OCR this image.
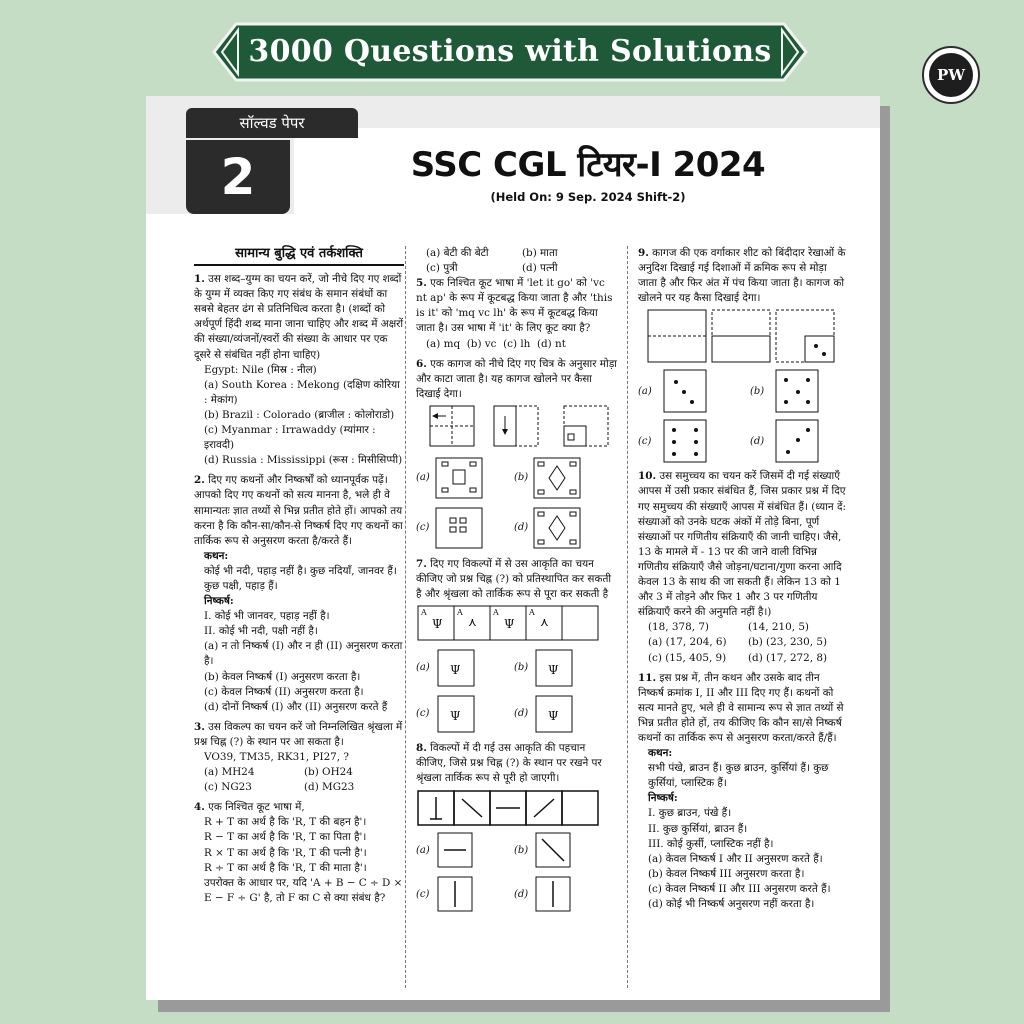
3000 Questions with Solutions
PW
सॉल्वड पेपर
2	SSC CGL टियर-I 2024
(Held On: 9 Sep. 2024 Shift-2)
सामान्य बुद्धि एवं तर्कशक्ति
1. उस शब्द–युग्म का चयन करें, जो नीचे दिए गए शब्दों के युग्म में व्यक्त किए गए संबंध के समान संबंधों का सबसे बेहतर ढंग से प्रतिनिधित्व करता है। (शब्दों को अर्थपूर्ण हिंदी शब्द माना जाना चाहिए और शब्द में अक्षरों की संख्या/व्यंजनों/स्वरों की संख्या के आधार पर एक दूसरे से संबंधित नहीं होना चाहिए)
Egypt: Nile (मिस्र : नील)
(a) South Korea : Mekong (दक्षिण कोरिया : मेकांग)
(b) Brazil : Colorado (ब्राजील : कोलोराडो)
(c) Myanmar : Irrawaddy (म्यांमार : इरावदी)
(d) Russia : Mississippi (रूस : मिसीसिप्पी)
2. दिए गए कथनों और निष्कर्षों को ध्यानपूर्वक पढ़ें। आपको दिए गए कथनों को सत्य मानना है, भले ही वे सामान्यतः ज्ञात तथ्यों से भिन्न प्रतीत होते हों। आपको तय करना है कि कौन-सा/कौन-से निष्कर्ष दिए गए कथनों का तार्किक रूप से अनुसरण करता है/करते हैं।
कथन:
कोई भी नदी, पहाड़ नहीं है। कुछ नदियाँ, जानवर हैं। कुछ पक्षी, पहाड़ हैं।
निष्कर्ष:
I. कोई भी जानवर, पहाड़ नहीं है।
II. कोई भी नदी, पक्षी नहीं है।
(a) न तो निष्कर्ष (I) और न ही (II) अनुसरण करता है।
(b) केवल निष्कर्ष (I) अनुसरण करता है।
(c) केवल निष्कर्ष (II) अनुसरण करता है।
(d) दोनों निष्कर्ष (I) और (II) अनुसरण करते हैं
3. उस विकल्प का चयन करें जो निम्नलिखित श्रृंखला में प्रश्न चिह्न (?) के स्थान पर आ सकता है।
VO39, TM35, RK31, PI27, ?
(a) MH24	(b) OH24
(c) NG23	(d) MG23
4. एक निश्चित कूट भाषा में,
R + T का अर्थ है कि 'R, T की बहन है'।
R − T का अर्थ है कि 'R, T का पिता है'।
R × T का अर्थ है कि 'R, T की पत्नी है'।
R ÷ T का अर्थ है कि 'R, T की माता है'।
उपरोक्त के आधार पर, यदि 'A + B − C ÷ D × E − F ÷ G' है, तो F का C से क्या संबंध है?
(a) बेटी की बेटी	(b) माता
(c) पुत्री	(d) पत्नी
5. एक निश्चित कूट भाषा में 'let it go' को 'vc nt ap' के रूप में कूटबद्ध किया जाता है और 'this is it' को 'mq vc lh' के रूप में कूटबद्ध किया जाता है। उस भाषा में 'it' के लिए कूट क्या है?
(a) mq (b) vc (c) lh (d) nt
6. एक कागज को नीचे दिए गए चित्र के अनुसार मोड़ा और काटा जाता है। यह कागज खोलने पर कैसा दिखाई देगा।
(a)	(b)
(c)	(d)
7. दिए गए विकल्पों में से उस आकृति का चयन कीजिए जो प्रश्न चिह्न (?) को प्रतिस्थापित कर सकती है और श्रृंखला को तार्किक रूप से पूरा कर सकती है
Ψ ⋏ Ψ ⋏
A	A	A	A
(a) Ψ	(b) Ψ
(c) Ψ	(d) Ψ
8. विकल्पों में दी गई उस आकृति की पहचान कीजिए, जिसे प्रश्न चिह्न (?) के स्थान पर रखने पर श्रृंखला तार्किक रूप से पूरी हो जाएगी।
(a)	(b)
(c)	(d)
9. कागज की एक वर्गाकार शीट को बिंदीदार रेखाओं के अनुदिश दिखाई गई दिशाओं में क्रमिक रूप से मोड़ा जाता है और फिर अंत में पंच किया जाता है। कागज को खोलने पर यह कैसा दिखाई देगा।
(a)	(b)
(c)	(d)
10. उस समुच्चय का चयन करें जिसमें दी गई संख्याएँ आपस में उसी प्रकार संबंधित हैं, जिस प्रकार प्रश्न में दिए गए समुच्चय की संख्याएँ आपस में संबंधित हैं। (ध्यान दें: संख्याओं को उनके घटक अंकों में तोड़े बिना, पूर्ण संख्याओं पर गणितीय संक्रियाएँ की जानी चाहिए। जैसे, 13 के मामले में - 13 पर की जाने वाली विभिन्न गणितीय संक्रियाएँ जैसे जोड़ना/घटाना/गुणा करना आदि केवल 13 के साथ की जा सकती हैं। लेकिन 13 को 1 और 3 में तोड़ने और फिर 1 और 3 पर गणितीय संक्रियाएँ करने की अनुमति नहीं है।)
(18, 378, 7)	(14, 210, 5)
(a) (17, 204, 6)	(b) (23, 230, 5)
(c) (15, 405, 9)	(d) (17, 272, 8)
11. इस प्रश्न में, तीन कथन और उसके बाद तीन निष्कर्ष क्रमांक I, II और III दिए गए हैं। कथनों को सत्य मानते हुए, भले ही वे सामान्य रूप से ज्ञात तथ्यों से भिन्न प्रतीत होते हों, तय कीजिए कि कौन सा/से निष्कर्ष कथनों का तार्किक रूप से अनुसरण करता/करते हैं/हैं।
कथन:
सभी पंखे, ब्राउन हैं। कुछ ब्राउन, कुर्सियां हैं। कुछ कुर्सियां, प्लास्टिक हैं।
निष्कर्ष:
I. कुछ ब्राउन, पंखे हैं।
II. कुछ कुर्सियां, ब्राउन हैं।
III. कोई कुर्सी, प्लास्टिक नहीं है।
(a) केवल निष्कर्ष I और II अनुसरण करते हैं।
(b) केवल निष्कर्ष III अनुसरण करता है।
(c) केवल निष्कर्ष II और III अनुसरण करते हैं।
(d) कोई भी निष्कर्ष अनुसरण नहीं करता है।
